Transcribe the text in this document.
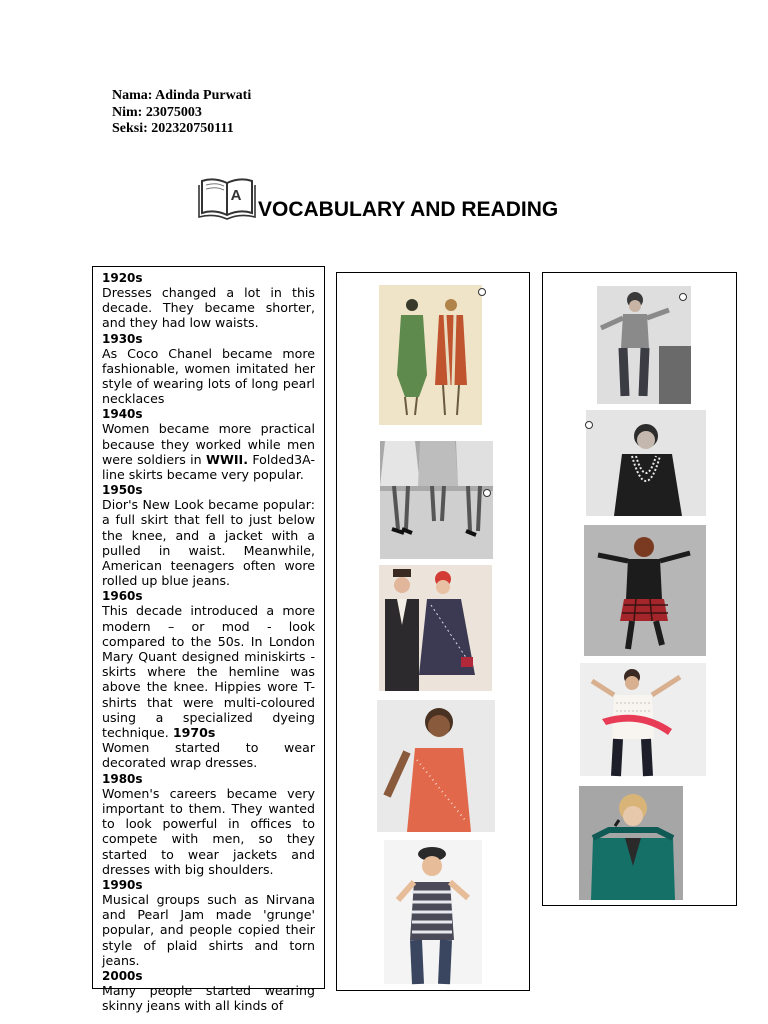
Nama: Adinda Purwati
Nim: 23075003
Seksi: 202320750111
A
VOCABULARY AND READING

1920s

Dresses changed a lot in this decade. They became shorter, and they had low waists.

1930s

As Coco Chanel became more fashionable, women imitated her style of wearing lots of long pearl necklaces

1940s

Women became more practical because they worked while men were soldiers in WWII. Folded3A-line skirts became very popular.

1950s

Dior's New Look became popular: a full skirt that fell to just below the knee, and a jacket with a pulled in waist. Meanwhile, American teenagers often wore rolled up blue jeans.

1960s

This decade introduced a more modern – or mod - look compared to the 50s. In London Mary Quant designed miniskirts - skirts where the hemline was above the knee. Hippies wore T-shirts that were multi-coloured using a specialized dyeing technique. 1970s
Women started to wear decorated wrap dresses.

1980s

Women's careers became very important to them. They wanted to look powerful in offices to compete with men, so they started to wear jackets and dresses with big shoulders.

1990s

Musical groups such as Nirvana and Pearl Jam made 'grunge' popular, and people copied their style of plaid shirts and torn jeans.

2000s

Many people started wearing skinny jeans with all kinds of
